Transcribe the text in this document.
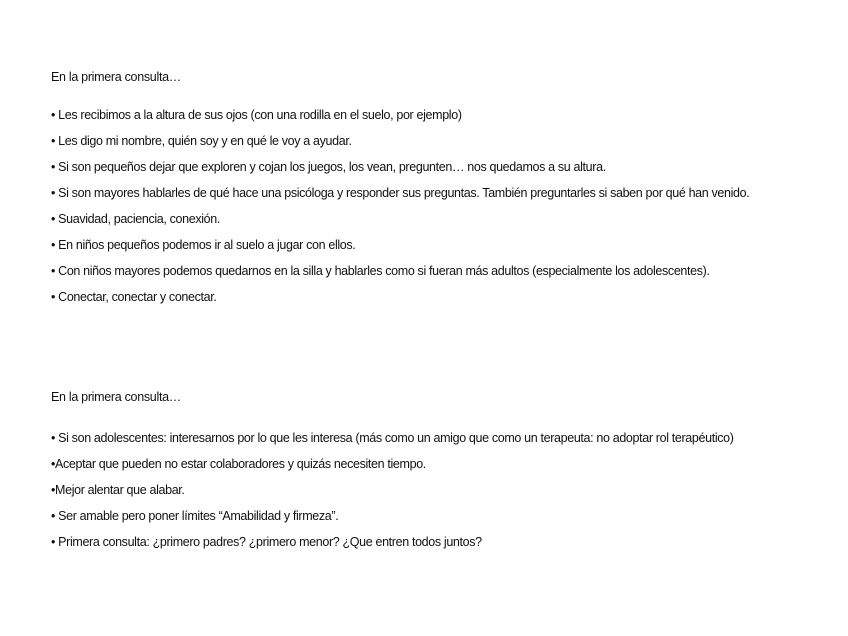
En la primera consulta…
• Les recibimos a la altura de sus ojos (con una rodilla en el suelo, por ejemplo)
• Les digo mi nombre, quién soy y en qué le voy a ayudar.
• Si son pequeños dejar que exploren y cojan los juegos, los vean, pregunten… nos quedamos a su altura.
• Si son mayores hablarles de qué hace una psicóloga y responder sus preguntas. También preguntarles si saben por qué han venido.
• Suavidad, paciencia, conexión.
• En niños pequeños podemos ir al suelo a jugar con ellos.
• Con niños mayores podemos quedarnos en la silla y hablarles como si fueran más adultos (especialmente los adolescentes).
• Conectar, conectar y conectar.
En la primera consulta…
• Si son adolescentes: interesarnos por lo que les interesa (más como un amigo que como un terapeuta: no adoptar rol terapéutico)
•Aceptar que pueden no estar colaboradores y quizás necesiten tiempo.
•Mejor alentar que alabar.
• Ser amable pero poner límites “Amabilidad y firmeza”.
• Primera consulta: ¿primero padres? ¿primero menor? ¿Que entren todos juntos?
